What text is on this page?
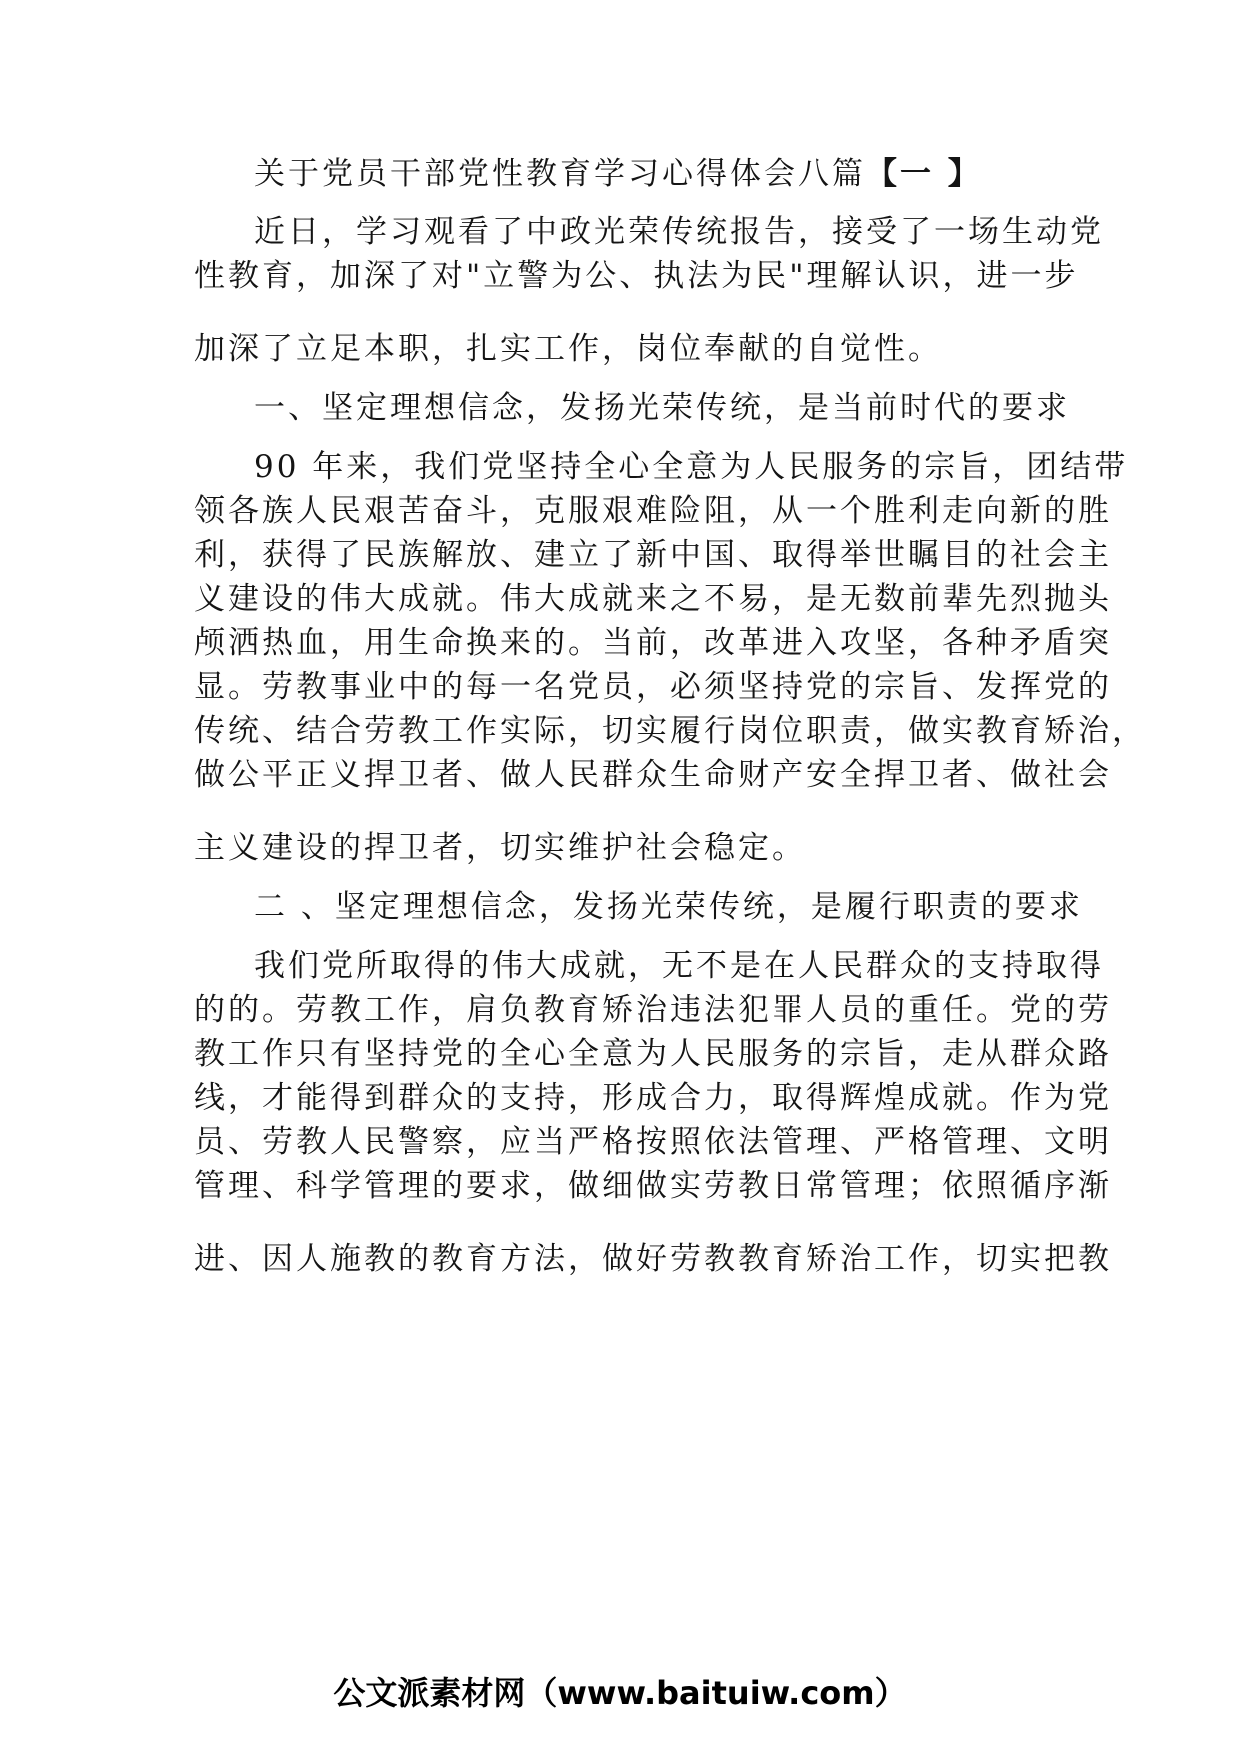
关于党员干部党性教育学习心得体会八篇【一 】

近日，学习观看了中政光荣传统报告，接受了一场生动党

性教育，加深了对"立警为公、执法为民"理解认识，进一步

加深了立足本职，扎实工作，岗位奉献的自觉性。

一、坚定理想信念，发扬光荣传统，是当前时代的要求

90 年来，我们党坚持全心全意为人民服务的宗旨，团结带

领各族人民艰苦奋斗，克服艰难险阻，从一个胜利走向新的胜

利，获得了民族解放、建立了新中国、取得举世瞩目的社会主

义建设的伟大成就。伟大成就来之不易，是无数前辈先烈抛头

颅洒热血，用生命换来的。当前，改革进入攻坚，各种矛盾突

显。劳教事业中的每一名党员，必须坚持党的宗旨、发挥党的

传统、结合劳教工作实际，切实履行岗位职责，做实教育矫治，

做公平正义捍卫者、做人民群众生命财产安全捍卫者、做社会

主义建设的捍卫者，切实维护社会稳定。

二 、坚定理想信念，发扬光荣传统，是履行职责的要求

我们党所取得的伟大成就，无不是在人民群众的支持取得

的的。劳教工作，肩负教育矫治违法犯罪人员的重任。党的劳

教工作只有坚持党的全心全意为人民服务的宗旨，走从群众路

线，才能得到群众的支持，形成合力，取得辉煌成就。作为党

员、劳教人民警察，应当严格按照依法管理、严格管理、文明

管理、科学管理的要求，做细做实劳教日常管理；依照循序渐

进、因人施教的教育方法，做好劳教教育矫治工作，切实把教

公文派素材网（www.baituiw.com）
